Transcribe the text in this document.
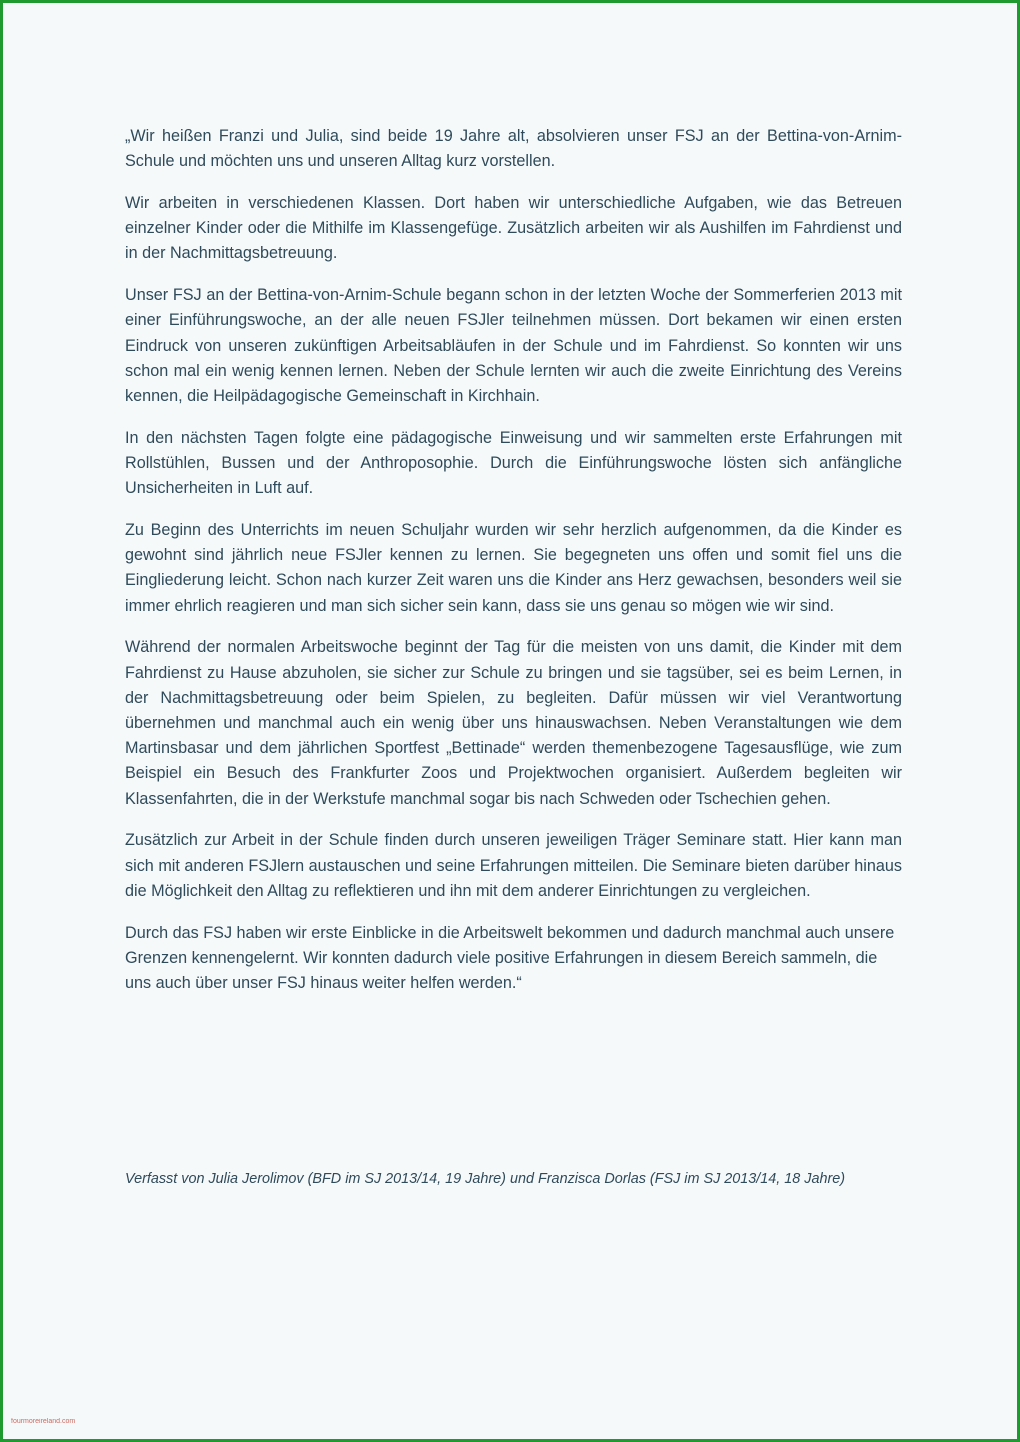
„Wir heißen Franzi und Julia, sind beide 19 Jahre alt, absolvieren unser FSJ an der Bettina-von-Arnim-Schule und möchten uns und unseren Alltag kurz vorstellen.

Wir arbeiten in verschiedenen Klassen. Dort haben wir unterschiedliche Aufgaben, wie das Betreuen einzelner Kinder oder die Mithilfe im Klassengefüge. Zusätzlich arbeiten wir als Aushilfen im Fahrdienst und in der Nachmittagsbetreuung.

Unser FSJ an der Bettina-von-Arnim-Schule begann schon in der letzten Woche der Sommerferien 2013 mit einer Einführungswoche, an der alle neuen FSJler teilnehmen müssen. Dort bekamen wir einen ersten Eindruck von unseren zukünftigen Arbeitsabläufen in der Schule und im Fahrdienst. So konnten wir uns schon mal ein wenig kennen lernen. Neben der Schule lernten wir auch die zweite Einrichtung des Vereins kennen, die Heilpädagogische Gemeinschaft in Kirchhain.

In den nächsten Tagen folgte eine pädagogische Einweisung und wir sammelten erste Erfahrungen mit Rollstühlen, Bussen und der Anthroposophie. Durch die Einführungswoche lösten sich anfängliche Unsicherheiten in Luft auf.

Zu Beginn des Unterrichts im neuen Schuljahr wurden wir sehr herzlich aufgenommen, da die Kinder es gewohnt sind jährlich neue FSJler kennen zu lernen. Sie begegneten uns offen und somit fiel uns die Eingliederung leicht. Schon nach kurzer Zeit waren uns die Kinder ans Herz gewachsen, besonders weil sie immer ehrlich reagieren und man sich sicher sein kann, dass sie uns genau so mögen wie wir sind.

Während der normalen Arbeitswoche beginnt der Tag für die meisten von uns damit, die Kinder mit dem Fahrdienst zu Hause abzuholen, sie sicher zur Schule zu bringen und sie tagsüber, sei es beim Lernen, in der Nachmittagsbetreuung oder beim Spielen, zu begleiten. Dafür müssen wir viel Verantwortung übernehmen und manchmal auch ein wenig über uns hinauswachsen. Neben Veranstaltungen wie dem Martinsbasar und dem jährlichen Sportfest „Bettinade“ werden themenbezogene Tagesausflüge, wie zum Beispiel ein Besuch des Frankfurter Zoos und Projektwochen organisiert. Außerdem begleiten wir Klassenfahrten, die in der Werkstufe manchmal sogar bis nach Schweden oder Tschechien gehen.

Zusätzlich zur Arbeit in der Schule finden durch unseren jeweiligen Träger Seminare statt. Hier kann man sich mit anderen FSJlern austauschen und seine Erfahrungen mitteilen. Die Seminare bieten darüber hinaus die Möglichkeit den Alltag zu reflektieren und ihn mit dem anderer Einrichtungen zu vergleichen.

Durch das FSJ haben wir erste Einblicke in die Arbeitswelt bekommen und dadurch manchmal auch unsere Grenzen kennengelernt. Wir konnten dadurch viele positive Erfahrungen in diesem Bereich sammeln, die uns auch über unser FSJ hinaus weiter helfen werden.“

Verfasst von Julia Jerolimov (BFD im SJ 2013/14, 19 Jahre) und Franzisca Dorlas (FSJ im SJ 2013/14, 18 Jahre)
fourmoreireland.com
